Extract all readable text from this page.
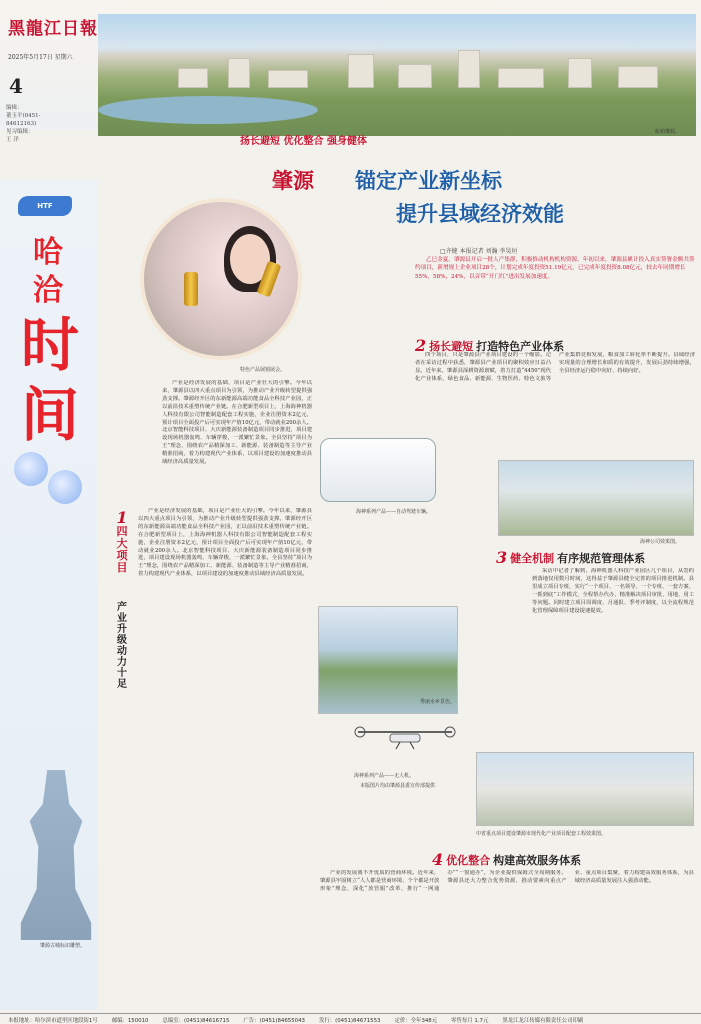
黑龍江日報
2025年5月17日 星期六
4
编辑：
董玉平(0451-84612163)
见习编辑：
王 洋
航拍肇源。
扬长避短 优化整合 强身健体
HTF
哈洽
时间
肇源古城标识雕塑。
肇源 锚定产业新坐标
提升县域经济效能
□齐健 本报记者 刘瀚 李昊垣
乙巳金夏，肇源县开启一批人产集群，积极推动机构机构资源。年初以来，肇源县累计投入真实签署金额共签约项目，新增规上企业项目28个，计划完成年度投资51.19亿元，已完成年度投资8.08亿元，较去年同期增长55%，58%，24%，以音带“开门红”进出发展加速度。
特色产品展销展会。
产业是经济发展的基础，项目是产业壮大的引擎。今年以来，肇源县以四大重点项目为引领，为推动产业升级转型提供强劲支撑。肇源经开区的东新能源高端功能食品全科技产业园，正以前沿技术重塑传统产业链。在合肥新型项目上，上海海神机器人科技有限公司智能制造配套工程实施，企业注册资本2亿元，预计项目全面投产后可实现年产值10亿元，带动就业200余人。北京智能科技项目、大庆新能源装备制造项目同步推进，项目建设现场机器轰鸣、车辆穿梭，一派繁忙景象。全县坚持“项目为王”理念，围绕农产品精深加工、新能源、装备制造等主导产业精准招商，着力构建现代产业体系，以项目建设的加速度推动县域经济高质量发展。
1
四大项目
产业升级动力十足
产业是经济发展的基础，项目是产业壮大的引擎。今年以来，肇源县以四大重点项目为引领，为推动产业升级转型提供强劲支撑。肇源经开区的东新能源高端功能食品全科技产业园，正以前沿技术重塑传统产业链。在合肥新型项目上，上海海神机器人科技有限公司智能制造配套工程实施，企业注册资本2亿元，预计项目全面投产后可实现年产值10亿元，带动就业200余人。北京智能科技项目、大庆新能源装备制造项目同步推进，项目建设现场机器轰鸣、车辆穿梭，一派繁忙景象。全县坚持“项目为王”理念，围绕农产品精深加工、新能源、装备制造等主导产业精准招商，着力构建现代产业体系，以项目建设的加速度推动县域经济高质量发展。
海神系列产品——自动驾驶车辆。
2 扬长避短 打造特色产业体系
四个项目，只是肇源县产业项目建设的一个缩影。记者在采访过程中获悉，肇源县产业项目的聚积效应日益凸显。近年来，肇源县深耕资源禀赋，着力打造“4450”现代化产业体系，绿色食品、新能源、生物医药、特色文旅等产业集群竞相发展，粮食加工转化率不断提升。县域经济实现量的合理增长和质的有效提升，发展后劲持续增强，全县经济运行稳中向好、持续向好。
海神公司效果图。
3 健全机制 有序规范管理体系
采访中记者了解到，海神机器人科技产业园区几个项目，从签约到落地仅用数月时间，这得益于肇源县健全完善的项目推进机制。县里成立项目专班，实行“一个项目、一名领导、一个专班、一套方案、一抓到底”工作模式，全程帮办代办，精准解决项目审批、用地、用工等问题。同时建立项目周调度、月通报、季考评制度，以全流程规范化管理保障项目建设提速提效。
秀丽水乡景色。
海神系列产品——无人机。
本版图片均由肇源县委宣传部提供
中省重点项目建设肇源市现代化产业项目配套工程效果图。
4 优化整合 构建高效服务体系
产业的发展离不开优质的营商环境。近年来，肇源县牢固树立“人人都是营商环境、个个都是开放形象”理念，深化“放管服”改革，推行“一网通办”“一窗通办”，为企业提供保姆式全周期服务。肇源县还大力整合优势资源，推动要素向重点产业、重点项目集聚，着力构建高效服务体系，为县域经济高质量发展注入强劲动能。
本报地址：哈尔滨市道里区地段街1号	邮编：150010	总编室：(0451)84616715	广告：(0451)84655043	发行：(0451)84671553	定价：全年348元	零售每月 1.7元	黑龙江龙江传媒有限责任公司印刷
